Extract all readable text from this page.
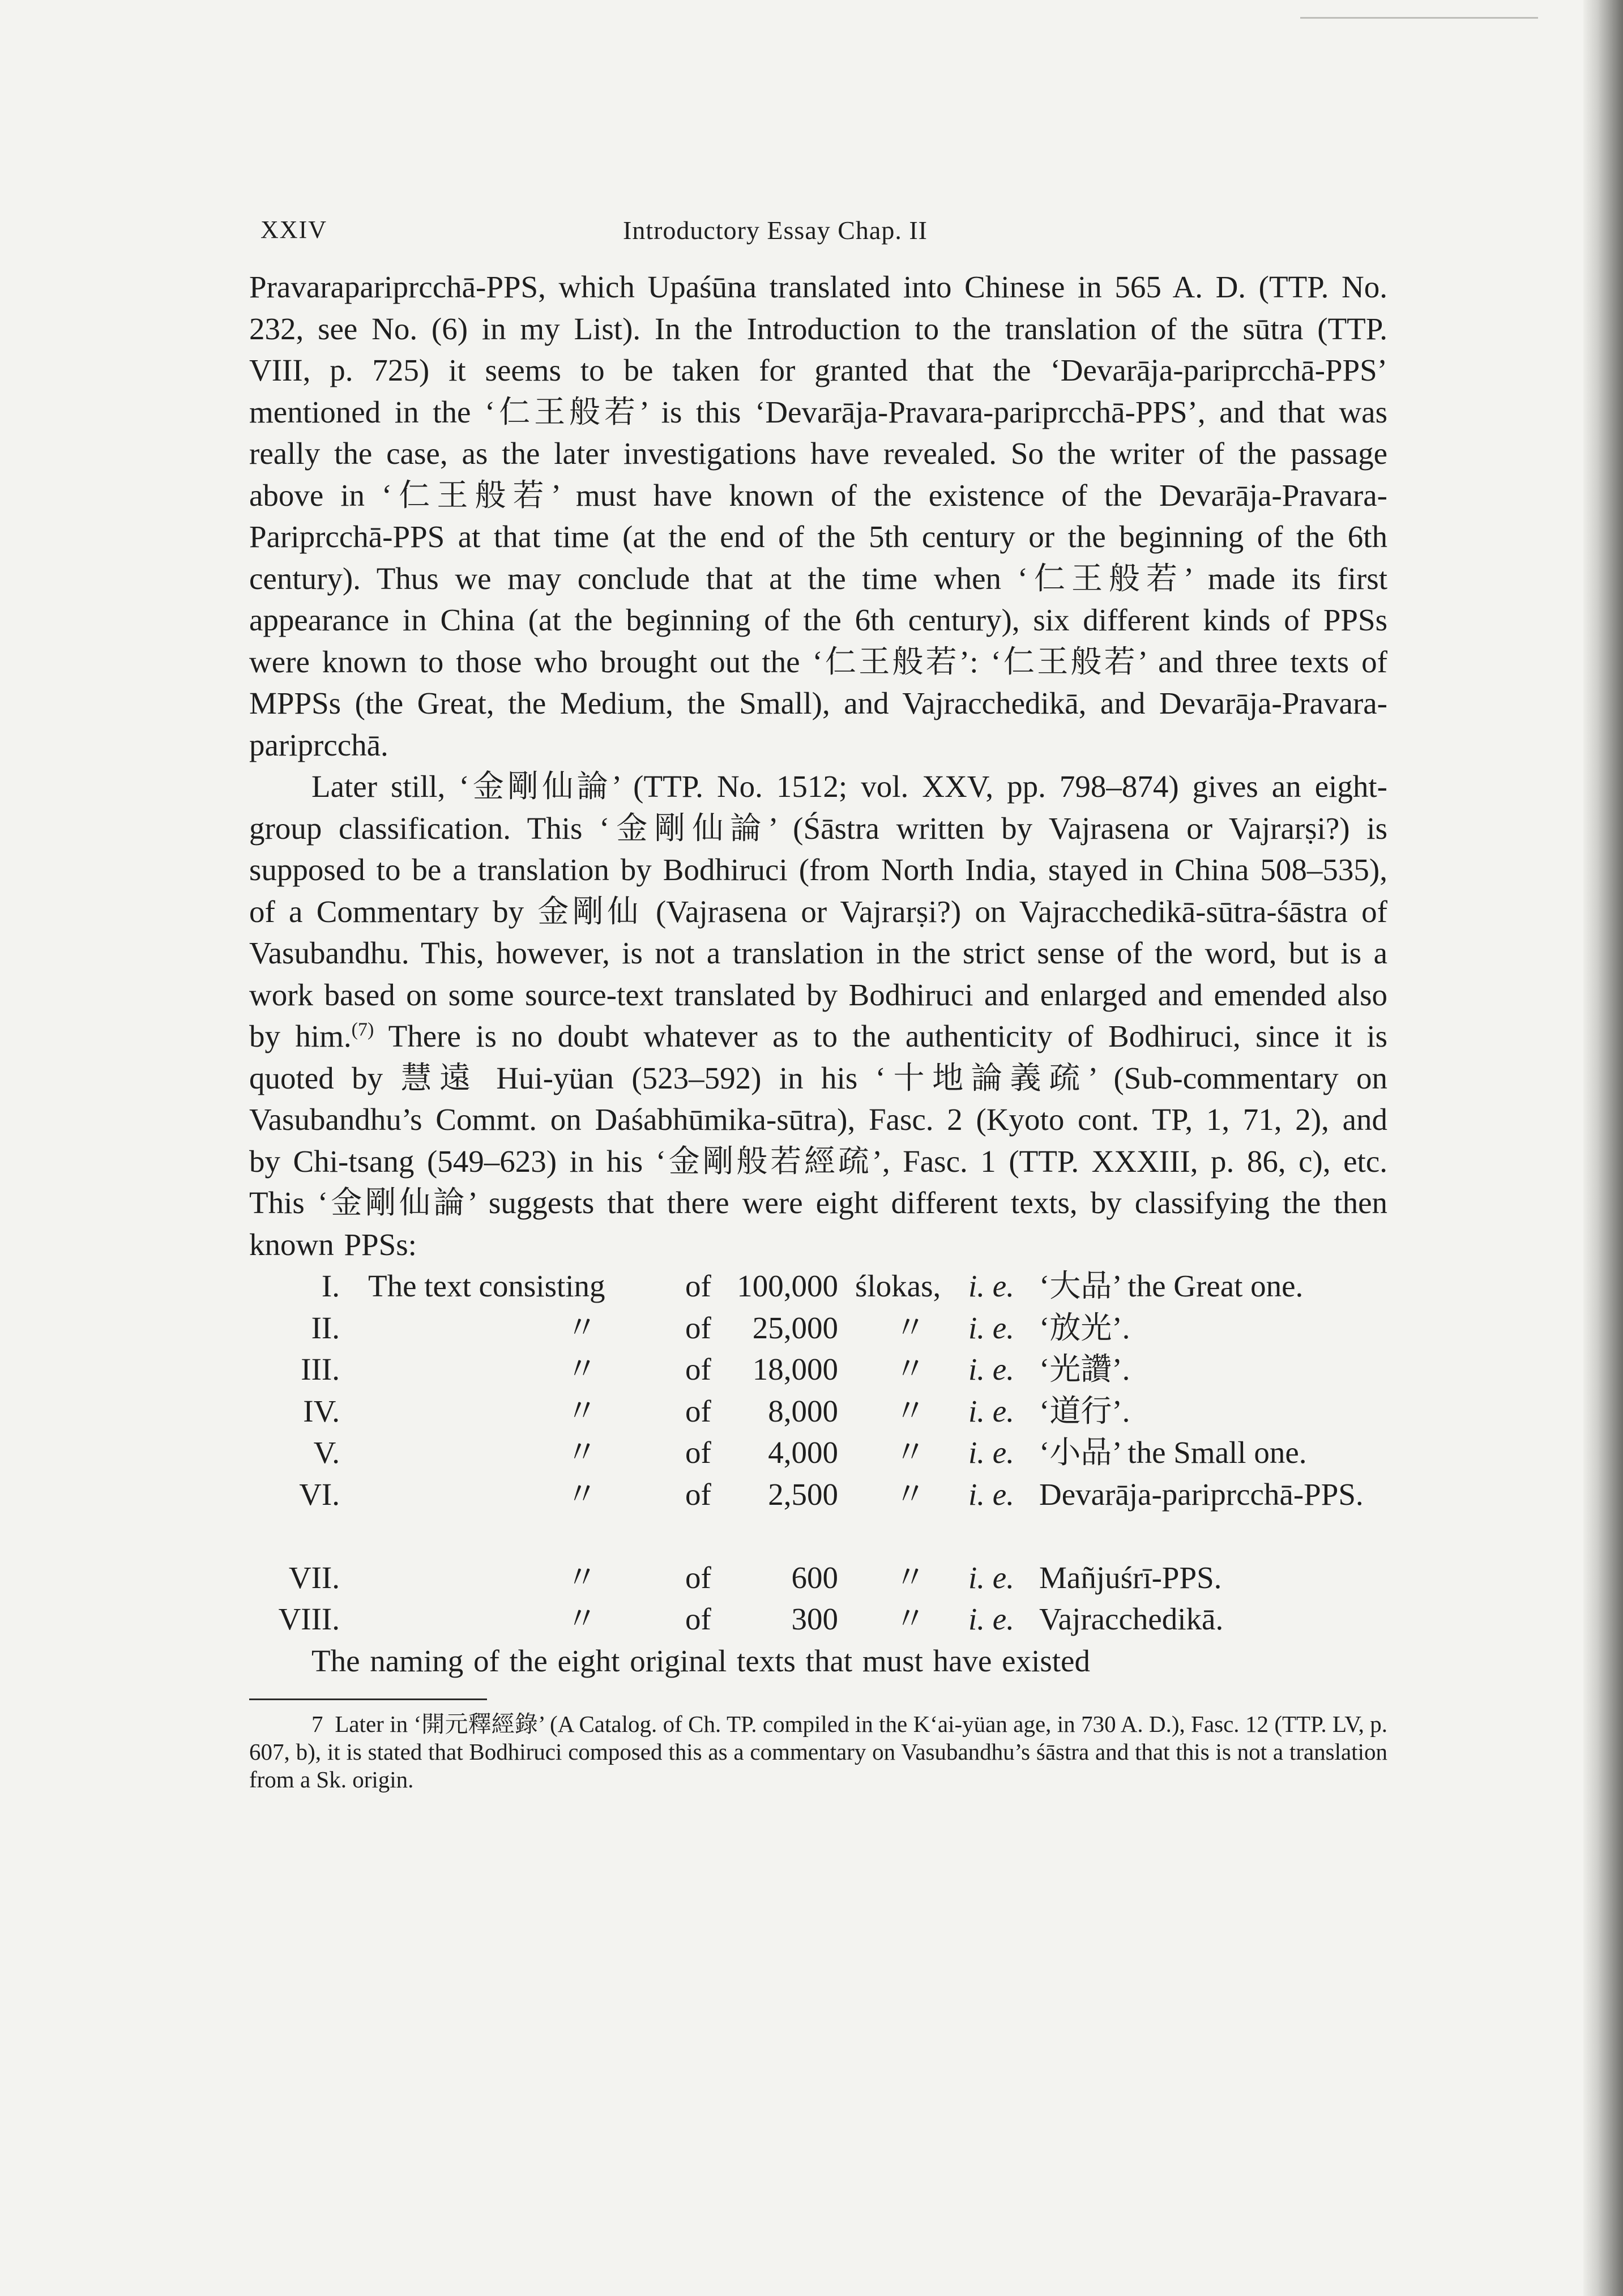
XXIV	Introductory Essay Chap. II

Pravarapariprcchā-PPS, which Upaśūna translated into Chinese in 565 A. D. (TTP. No. 232, see No. (6) in my List). In the Introduction to the translation of the sūtra (TTP. VIII, p. 725) it seems to be taken for granted that the ‘Devarāja-pariprcchā-PPS’ mentioned in the ‘仁王般若’ is this ‘Devarāja-Pravara-pariprcchā-PPS’, and that was really the case, as the later investigations have revealed. So the writer of the passage above in ‘仁王般若’ must have known of the existence of the Devarāja-Pravara-Pariprcchā-PPS at that time (at the end of the 5th century or the beginning of the 6th century). Thus we may conclude that at the time when ‘仁王般若’ made its first appearance in China (at the beginning of the 6th century), six different kinds of PPSs were known to those who brought out the ‘仁王般若’: ‘仁王般若’ and three texts of MPPSs (the Great, the Medium, the Small), and Vajracchedikā, and Devarāja-Pravara-pariprcchā.

Later still, ‘金剛仙論’ (TTP. No. 1512; vol. XXV, pp. 798–874) gives an eight-group classification. This ‘金剛仙論’ (Śāstra written by Vajrasena or Vajrarṣi?) is supposed to be a translation by Bodhiruci (from North India, stayed in China 508–535), of a Commentary by 金剛仙 (Vajrasena or Vajrarṣi?) on Vajracchedikā-sūtra-śāstra of Vasubandhu. This, however, is not a translation in the strict sense of the word, but is a work based on some source-text translated by Bodhiruci and enlarged and emended also by him.$^{(7)}$ There is no doubt whatever as to the authenticity of Bodhiruci, since it is quoted by 慧遠 Hui-yüan (523–592) in his ‘十地論義疏’ (Sub-commentary on Vasubandhu’s Commt. on Daśabhūmika-sūtra), Fasc. 2 (Kyoto cont. TP, 1, 71, 2), and by Chi-tsang (549–623) in his ‘金剛般若經疏’, Fasc. 1 (TTP. XXXIII, p. 86, c), etc. This ‘金剛仙論’ suggests that there were eight different texts, by classifying the then known PPSs:

I. The text consisting	of 100,000 ślokas, i. e. ‘大品’ the Great one.
II.	〃	of	25,000 〃 i. e. ‘放光’.
III.	〃	of	18,000 〃 i. e. ‘光讚’.
IV.	〃	of	8,000 〃 i. e. ‘道行’.
V.	〃	of	4,000 〃 i. e. ‘小品’ the Small one.
VI.	〃	of	2,500 〃 i. e. Devarāja-pariprcchā-PPS.
VII.	〃	of	600 〃 i. e. Mañjuśrī-PPS.
VIII.	〃	of	300 〃 i. e. Vajracchedikā.

The naming of the eight original texts that must have existed

7 Later in ‘開元釋經錄’ (A Catalog. of Ch. TP. compiled in the K‘ai-yüan age, in 730 A. D.), Fasc. 12 (TTP. LV, p. 607, b), it is stated that Bodhiruci composed this as a commentary on Vasubandhu’s śāstra and that this is not a translation from a Sk. origin.
